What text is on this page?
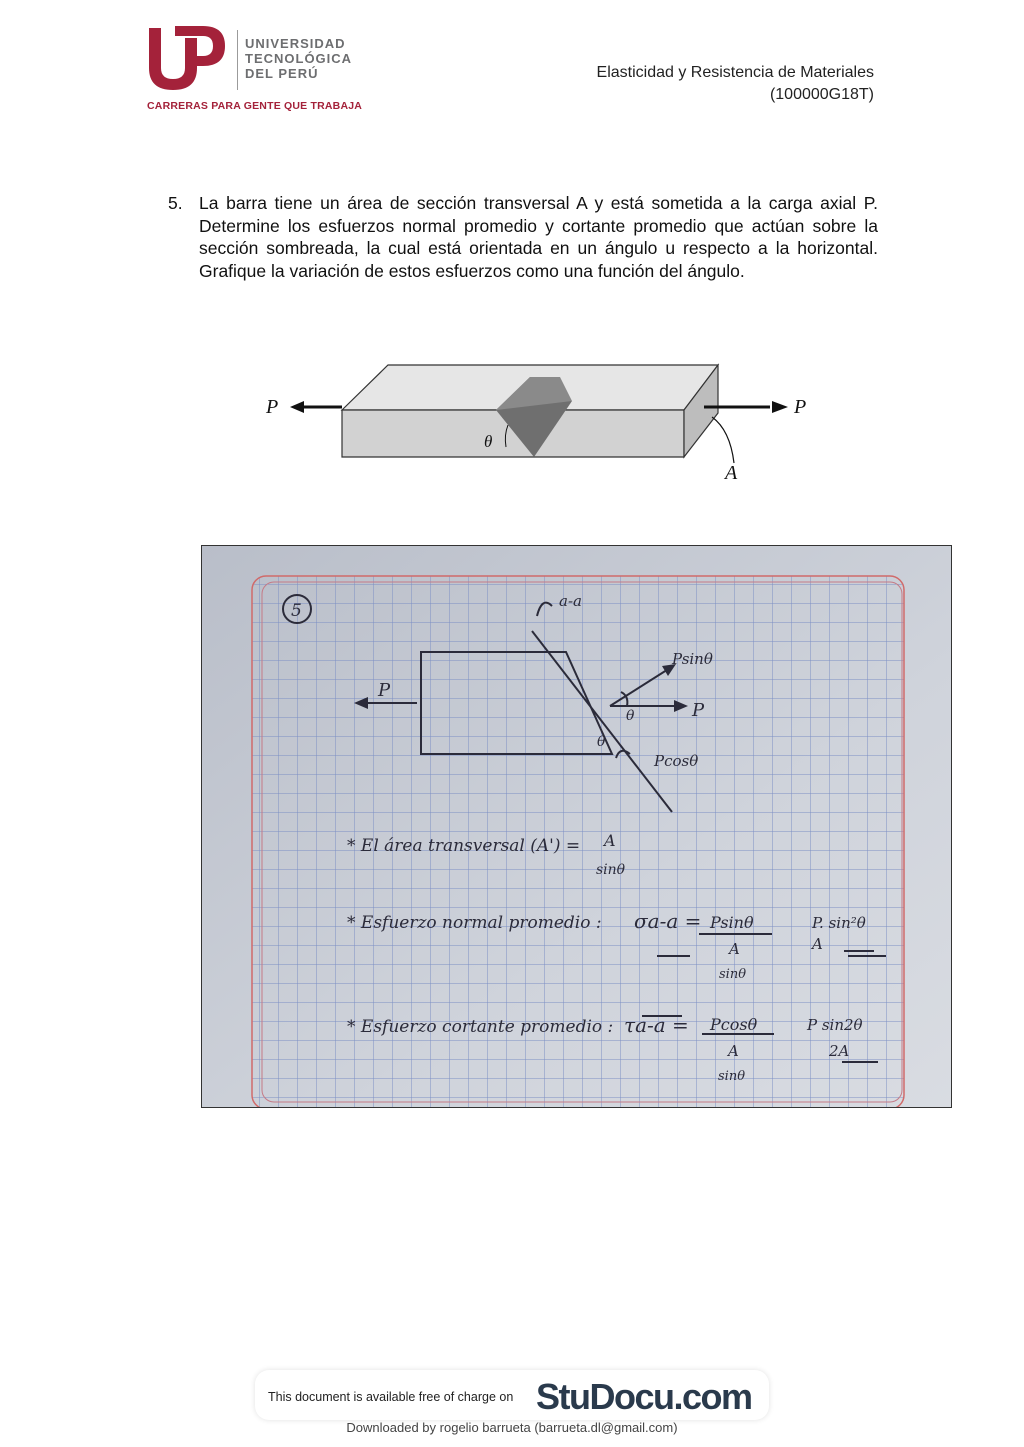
UNIVERSIDAD
TECNOLÓGICA
DEL PERÚ
CARRERAS PARA GENTE QUE TRABAJA
Elasticidad y Resistencia de Materiales
(100000G18T)
5. La barra tiene un área de sección transversal A y está sometida a la carga axial P. Determine los esfuerzos normal promedio y cortante promedio que actúan sobre la sección sombreada, la cual está orientada en un ángulo u respecto a la horizontal. Grafique la variación de estos esfuerzos como una función del ángulo.
P	P
θ
A
5	a-a
P
P
Psinθ
Pcosθ
θ
θ
* El área transversal (A') = A
sinθ
* Esfuerzo normal promedio : σa-a = Psinθ
A
sinθ
P. sin²θ
A
* Esfuerzo cortante promedio : τa-a = Pcosθ
A
sinθ
P sin2θ
2A
This document is available free of charge on StuDocu.com
Downloaded by rogelio barrueta (barrueta.dl@gmail.com)
